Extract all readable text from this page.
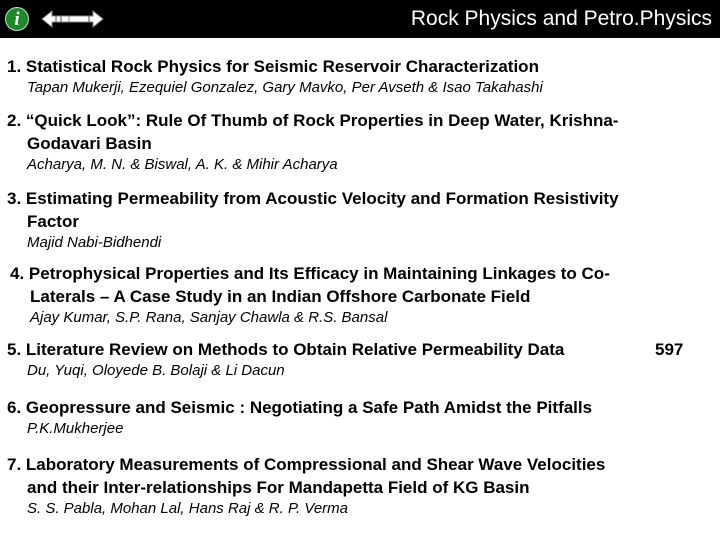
i	Rock Physics and Petro.Physics
1. Statistical Rock Physics for Seismic Reservoir Characterization
Tapan Mukerji, Ezequiel Gonzalez, Gary Mavko, Per Avseth & Isao Takahashi
2. “Quick Look”: Rule Of Thumb of Rock Properties in Deep Water, Krishna-
Godavari Basin
Acharya, M. N. & Biswal, A. K. & Mihir Acharya
3. Estimating Permeability from Acoustic Velocity and Formation Resistivity
Factor
Majid Nabi-Bidhendi
4. Petrophysical Properties and Its Efficacy in Maintaining Linkages to Co-
Laterals – A Case Study in an Indian Offshore Carbonate Field
Ajay Kumar, S.P. Rana, Sanjay Chawla & R.S. Bansal
5. Literature Review on Methods to Obtain Relative Permeability Data
Du, Yuqi, Oloyede B. Bolaji & Li Dacun
597
6. Geopressure and Seismic : Negotiating a Safe Path Amidst the Pitfalls
P.K.Mukherjee
7. Laboratory Measurements of Compressional and Shear Wave Velocities
and their Inter-relationships For Mandapetta Field of KG Basin
S. S. Pabla, Mohan Lal, Hans Raj & R. P. Verma
